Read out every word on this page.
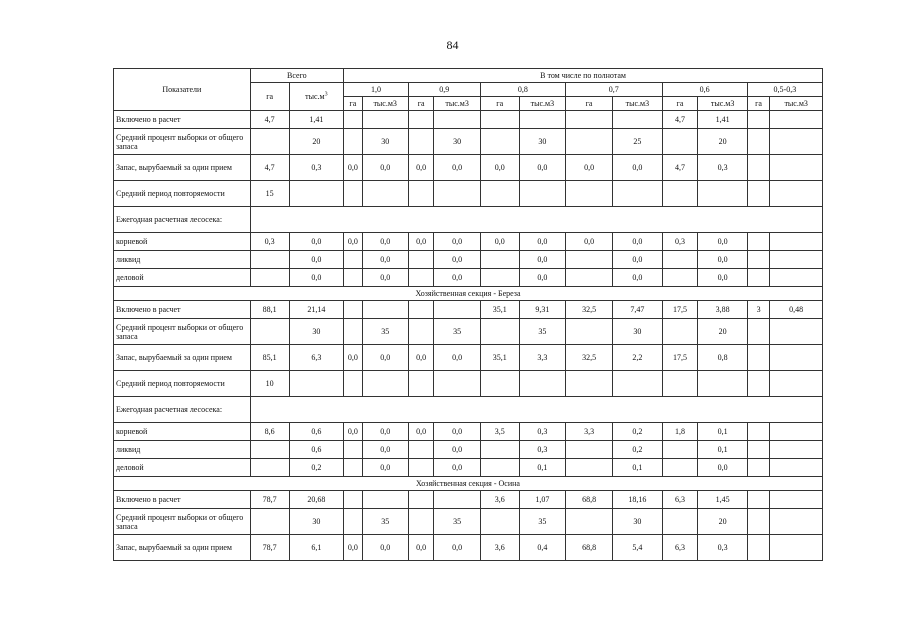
84
Показатели	Всего		В том числе по полнотам											
	га	$тыс.м^3$	1,0		0,9		0,8		0,7		0,6		0,5-0,3	
			га	тыс.м3	га	тыс.м3	га	тыс.м3	га	тыс.м3	га	тыс.м3	га	тыс.м3
Включено в расчет	4,7	1,41									4,7	1,41		
Средний процент выборки от общего запаса		20		30		30		30		25		20		
Запас, вырубаемый за один прием	4,7	0,3	0,0	0,0	0,0	0,0	0,0	0,0	0,0	0,0	4,7	0,3		
Средний период повторяемости	15													
Ежегодная расчетная лесосека:														
корневой	0,3	0,0	0,0	0,0	0,0	0,0	0,0	0,0	0,0	0,0	0,3	0,0		
ликвид		0,0		0,0		0,0		0,0		0,0		0,0		
деловой		0,0		0,0		0,0		0,0		0,0		0,0		
Хозяйственная секция - Береза														
Включено в расчет	88,1	21,14					35,1	9,31	32,5	7,47	17,5	3,88	3	0,48
Средний процент выборки от общего запаса		30		35		35		35		30		20		
Запас, вырубаемый за один прием	85,1	6,3	0,0	0,0	0,0	0,0	35,1	3,3	32,5	2,2	17,5	0,8		
Средний период повторяемости	10													
Ежегодная расчетная лесосека:														
корневой	8,6	0,6	0,0	0,0	0,0	0,0	3,5	0,3	3,3	0,2	1,8	0,1		
ликвид		0,6		0,0		0,0		0,3		0,2		0,1		
деловой		0,2		0,0		0,0		0,1		0,1		0,0		
Хозяйственная секция - Осина														
Включено в расчет	78,7	20,68					3,6	1,07	68,8	18,16	6,3	1,45		
Средний процент выборки от общего запаса		30		35		35		35		30		20		
Запас, вырубаемый за один прием	78,7	6,1	0,0	0,0	0,0	0,0	3,6	0,4	68,8	5,4	6,3	0,3		
